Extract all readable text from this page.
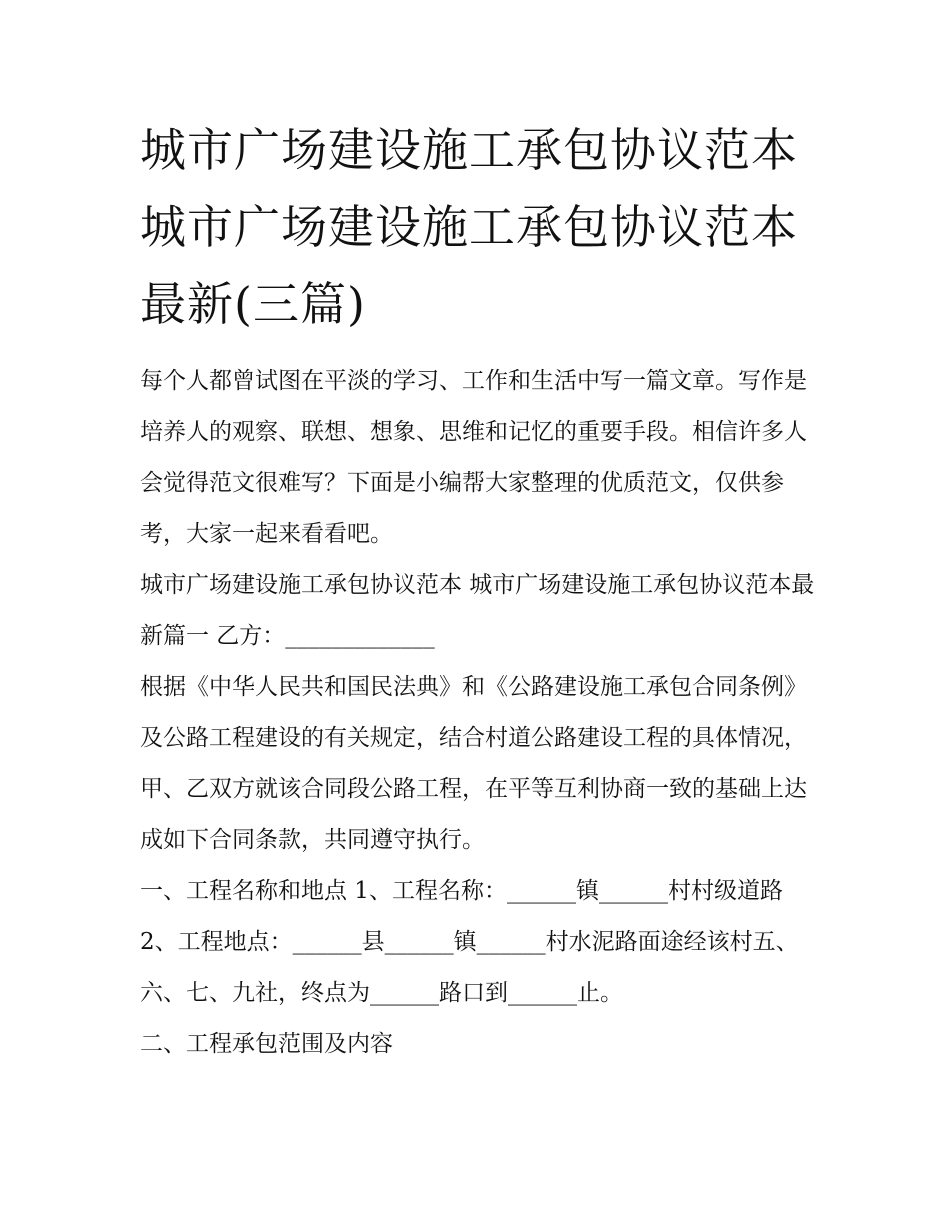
城市广场建设施工承包协议范本 城市广场建设施工承包协议范本最新(三篇)

每个人都曾试图在平淡的学习、工作和生活中写一篇文章。写作是培养人的观察、联想、想象、思维和记忆的重要手段。相信许多人会觉得范文很难写？下面是小编帮大家整理的优质范文，仅供参考，大家一起来看看吧。

城市广场建设施工承包协议范本 城市广场建设施工承包协议范本最新篇一 乙方：_____________

根据《中华人民共和国民法典》和《公路建设施工承包合同条例》及公路工程建设的有关规定，结合村道公路建设工程的具体情况，甲、乙双方就该合同段公路工程，在平等互利协商一致的基础上达成如下合同条款，共同遵守执行。

一、工程名称和地点 1、工程名称：______镇______村村级道路

2、工程地点：______县______镇______村水泥路面途经该村五、六、七、九社，终点为______路口到______止。

二、工程承包范围及内容
